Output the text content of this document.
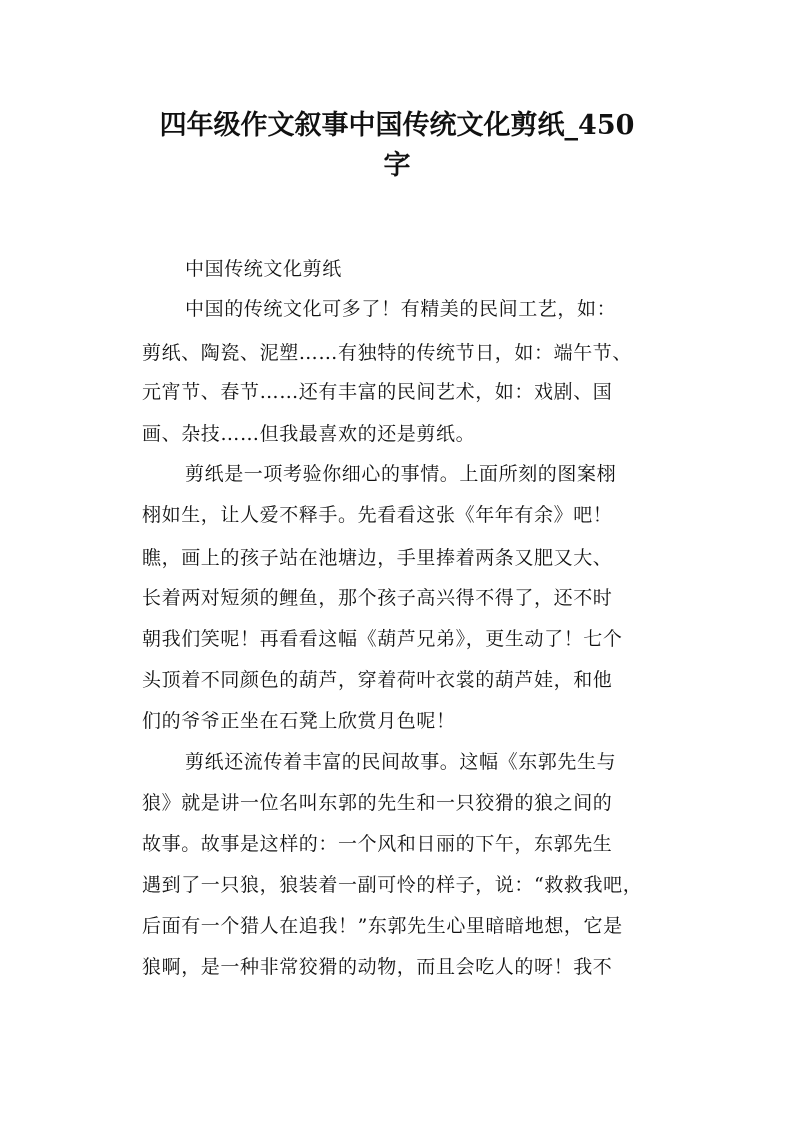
四年级作文叙事中国传统文化剪纸_450
字
中国传统文化剪纸
中国的传统文化可多了！有精美的民间工艺，如：
剪纸、陶瓷、泥塑……有独特的传统节日，如：端午节、
元宵节、春节……还有丰富的民间艺术，如：戏剧、国
画、杂技……但我最喜欢的还是剪纸。
剪纸是一项考验你细心的事情。上面所刻的图案栩
栩如生，让人爱不释手。先看看这张《年年有余》吧！
瞧，画上的孩子站在池塘边，手里捧着两条又肥又大、
长着两对短须的鲤鱼，那个孩子高兴得不得了，还不时
朝我们笑呢！再看看这幅《葫芦兄弟》，更生动了！七个
头顶着不同颜色的葫芦，穿着荷叶衣裳的葫芦娃，和他
们的爷爷正坐在石凳上欣赏月色呢！
剪纸还流传着丰富的民间故事。这幅《东郭先生与
狼》就是讲一位名叫东郭的先生和一只狡猾的狼之间的
故事。故事是这样的：一个风和日丽的下午，东郭先生
遇到了一只狼，狼装着一副可怜的样子，说：“救救我吧，
后面有一个猎人在追我！”东郭先生心里暗暗地想，它是
狼啊，是一种非常狡猾的动物，而且会吃人的呀！我不
